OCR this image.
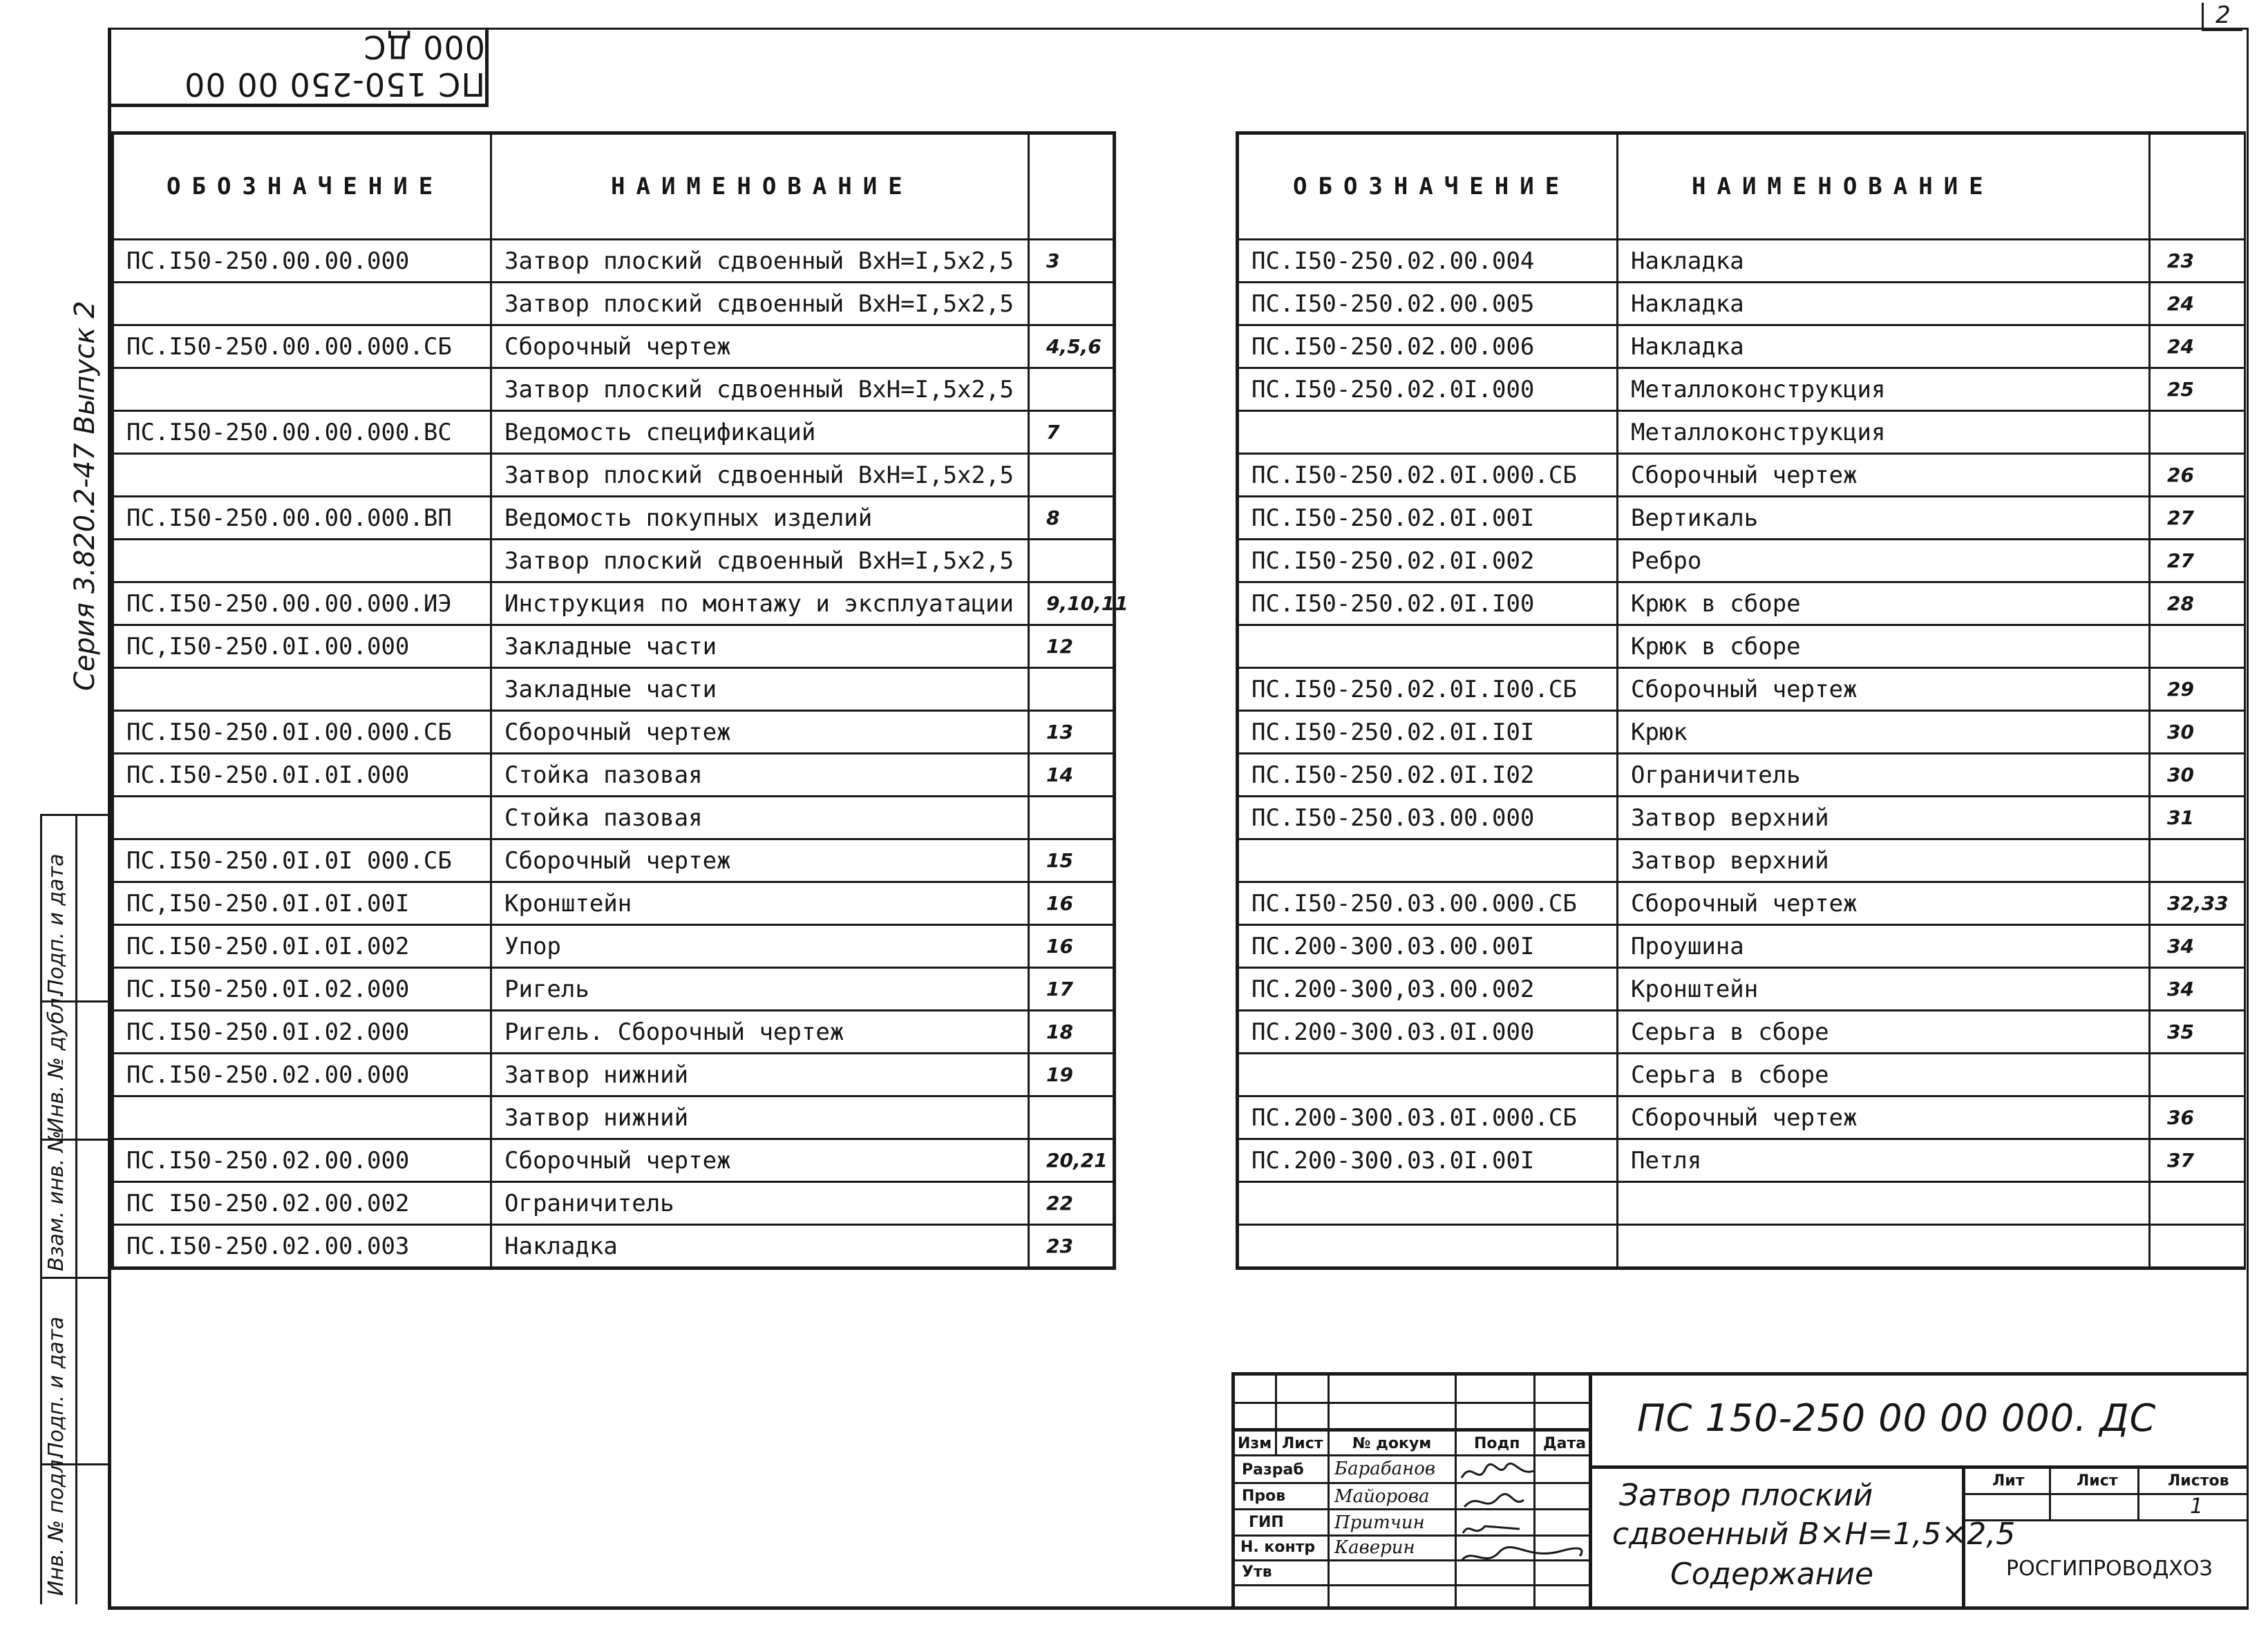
2
ПС 150-250 00 00 000 ДС
Серия 3.820.2-47 Выпуск 2
Подп. и дата
Инв. № дубл.
Взам. инв. №
Подп. и дата
Инв. № подл.
ОБОЗНАЧЕНИЕ	НАИМЕНОВАНИЕ	
ПС.I50-250.00.00.000	Затвор плоский сдвоенный ВхН=I,5х2,5	3
	Затвор плоский сдвоенный ВхН=I,5х2,5	
ПС.I50-250.00.00.000.СБ	Сборочный чертеж	4,5,6
	Затвор плоский сдвоенный ВхН=I,5х2,5	
ПС.I50-250.00.00.000.ВС	Ведомость спецификаций	7
	Затвор плоский сдвоенный ВхН=I,5х2,5	
ПС.I50-250.00.00.000.ВП	Ведомость покупных изделий	8
	Затвор плоский сдвоенный ВхН=I,5х2,5	
ПС.I50-250.00.00.000.ИЭ	Инструкция по монтажу и эксплуатации	9,10,11
ПС,I50-250.0I.00.000	Закладные части	12
	Закладные части	
ПС.I50-250.0I.00.000.СБ	Сборочный чертеж	13
ПС.I50-250.0I.0I.000	Стойка пазовая	14
	Стойка пазовая	
ПС.I50-250.0I.0I 000.СБ	Сборочный чертеж	15
ПС,I50-250.0I.0I.00I	Кронштейн	16
ПС.I50-250.0I.0I.002	Упор	16
ПС.I50-250.0I.02.000	Ригель	17
ПС.I50-250.0I.02.000	Ригель. Сборочный чертеж	18
ПС.I50-250.02.00.000	Затвор нижний	19
	Затвор нижний	
ПС.I50-250.02.00.000	Сборочный чертеж	20,21
ПС I50-250.02.00.002	Ограничитель	22
ПС.I50-250.02.00.003	Накладка	23
ОБОЗНАЧЕНИЕ	НАИМЕНОВАНИЕ	
ПС.I50-250.02.00.004	Накладка	23
ПС.I50-250.02.00.005	Накладка	24
ПС.I50-250.02.00.006	Накладка	24
ПС.I50-250.02.0I.000	Металлоконструкция	25
	Металлоконструкция	
ПС.I50-250.02.0I.000.СБ	Сборочный чертеж	26
ПС.I50-250.02.0I.00I	Вертикаль	27
ПС.I50-250.02.0I.002	Ребро	27
ПС.I50-250.02.0I.I00	Крюк в сборе	28
	Крюк в сборе	
ПС.I50-250.02.0I.I00.СБ	Сборочный чертеж	29
ПС.I50-250.02.0I.I0I	Крюк	30
ПС.I50-250.02.0I.I02	Ограничитель	30
ПС.I50-250.03.00.000	Затвор верхний	31
	Затвор верхний	
ПС.I50-250.03.00.000.СБ	Сборочный чертеж	32,33
ПС.200-300.03.00.00I	Проушина	34
ПС.200-300,03.00.002	Кронштейн	34
ПС.200-300.03.0I.000	Серьга в сборе	35
	Серьга в сборе	
ПС.200-300.03.0I.000.СБ	Сборочный чертеж	36
ПС.200-300.03.0I.00I	Петля	37

Изм Лист № докум	Подп Дата
Разраб Барабанов
Пров	Майорова
ГИП	Притчин
Н. контр Каверин
Утв
ПС 150-250 00 00 000. ДС
Затвор плоский
сдвоенный В×Н=1,5×2,5
Содержание
Лит	Лист	Листов
1
РОСГИПРОВОДХОЗ
